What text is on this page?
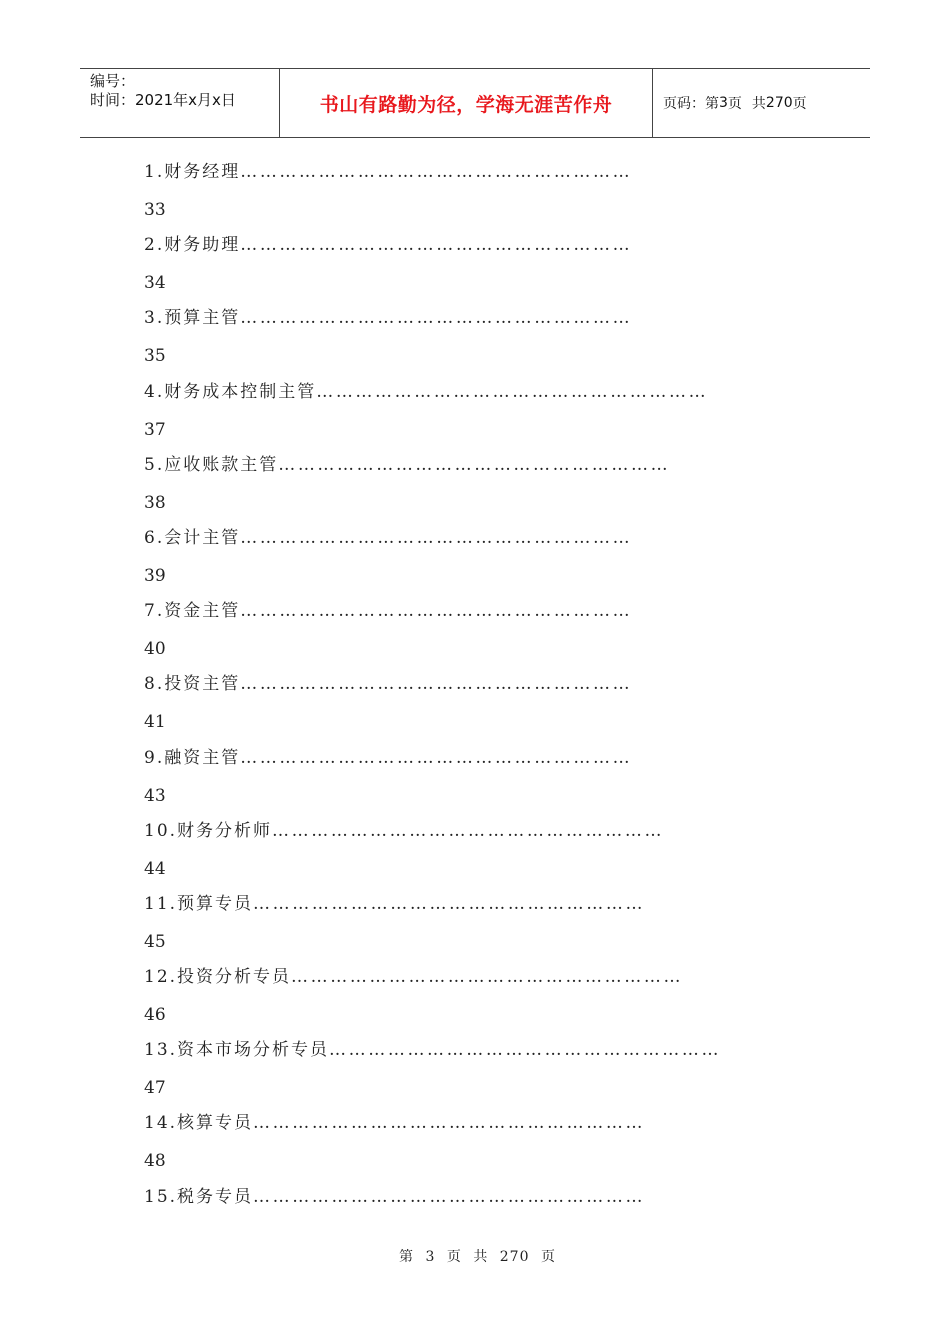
编号：
时间：2021年x月x日	书山有路勤为径，学海无涯苦作舟	页码：第 3 页 共 270 页
1.财务经理……………………………………………………
33
2.财务助理……………………………………………………
34
3.预算主管……………………………………………………
35
4.财务成本控制主管……………………………………………………
37
5.应收账款主管……………………………………………………
38
6.会计主管……………………………………………………
39
7.资金主管……………………………………………………
40
8.投资主管……………………………………………………
41
9.融资主管……………………………………………………
43
10.财务分析师……………………………………………………
44
11.预算专员……………………………………………………
45
12.投资分析专员……………………………………………………
46
13.资本市场分析专员……………………………………………………
47
14.核算专员……………………………………………………
48
15.税务专员……………………………………………………
第 3 页 共 270 页
